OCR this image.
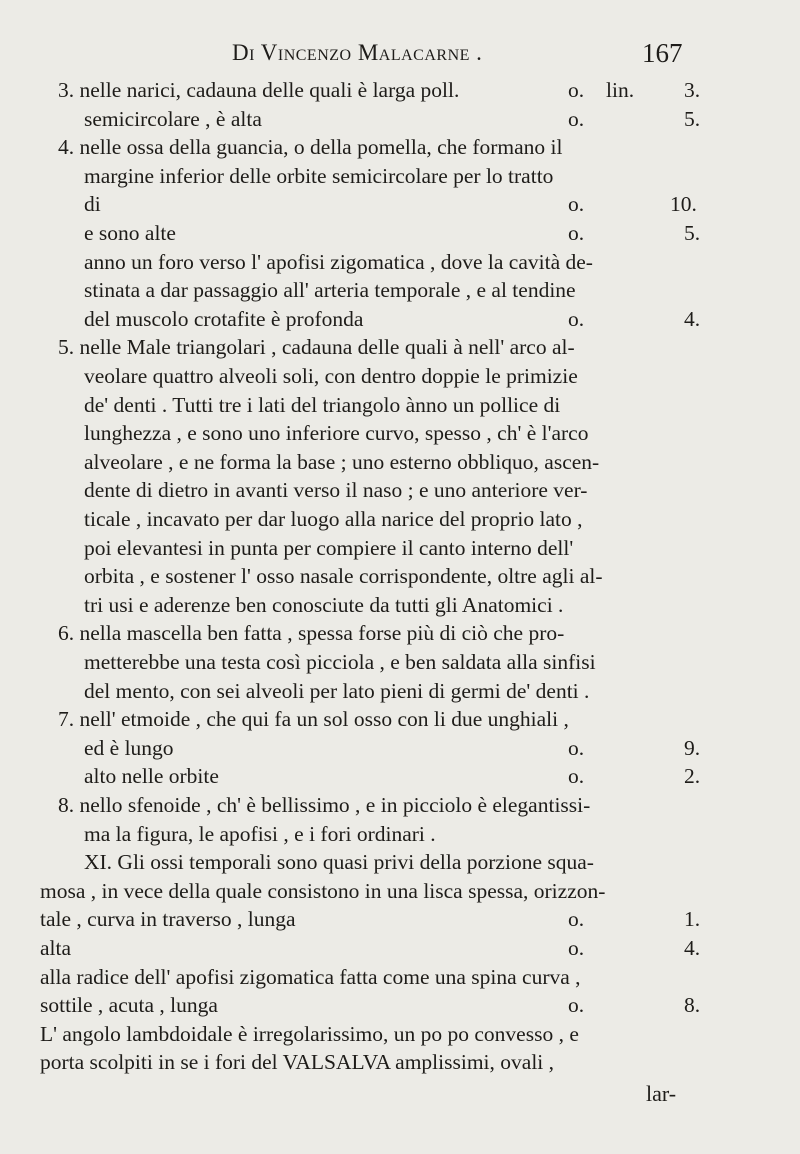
Di Vincenzo Malacarne .	167
3. nelle narici, cadauna delle quali è larga poll.	o. lin. 3.
semicircolare , è alta	o.	5.
4. nelle ossa della guancia, o della pomella, che formano il
margine inferior delle orbite semicircolare per lo tratto
di	o.	10.
e sono alte	o.	5.
anno un foro verso l' apofisi zigomatica , dove la cavità de-
stinata a dar passaggio all' arteria temporale , e al tendine
del muscolo crotafite è profonda	o.	4.
5. nelle Male triangolari , cadauna delle quali à nell' arco al-
veolare quattro alveoli soli, con dentro doppie le primizie
de' denti . Tutti tre i lati del triangolo ànno un pollice di
lunghezza , e sono uno inferiore curvo, spesso , ch' è l'arco
alveolare , e ne forma la base ; uno esterno obbliquo, ascen-
dente di dietro in avanti verso il naso ; e uno anteriore ver-
ticale , incavato per dar luogo alla narice del proprio lato ,
poi elevantesi in punta per compiere il canto interno dell'
orbita , e sostener l' osso nasale corrispondente, oltre agli al-
tri usi e aderenze ben conosciute da tutti gli Anatomici .
6. nella mascella ben fatta , spessa forse più di ciò che pro-
metterebbe una testa così picciola , e ben saldata alla sinfisi
del mento, con sei alveoli per lato pieni di germi de' denti .
7. nell' etmoide , che qui fa un sol osso con li due unghiali ,
ed è lungo	o.	9.
alto nelle orbite	o.	2.
8. nello sfenoide , ch' è bellissimo , e in picciolo è elegantissi-
ma la figura, le apofisi , e i fori ordinari .
XI. Gli ossi temporali sono quasi privi della porzione squa-
mosa , in vece della quale consistono in una lisca spessa, orizzon-
tale , curva in traverso , lunga	o.	1.
alta	o.	4.
alla radice dell' apofisi zigomatica fatta come una spina curva ,
sottile , acuta , lunga	o.	8.
L' angolo lambdoidale è irregolarissimo, un po po convesso , e
porta scolpiti in se i fori del VALSALVA amplissimi, ovali ,
lar-
